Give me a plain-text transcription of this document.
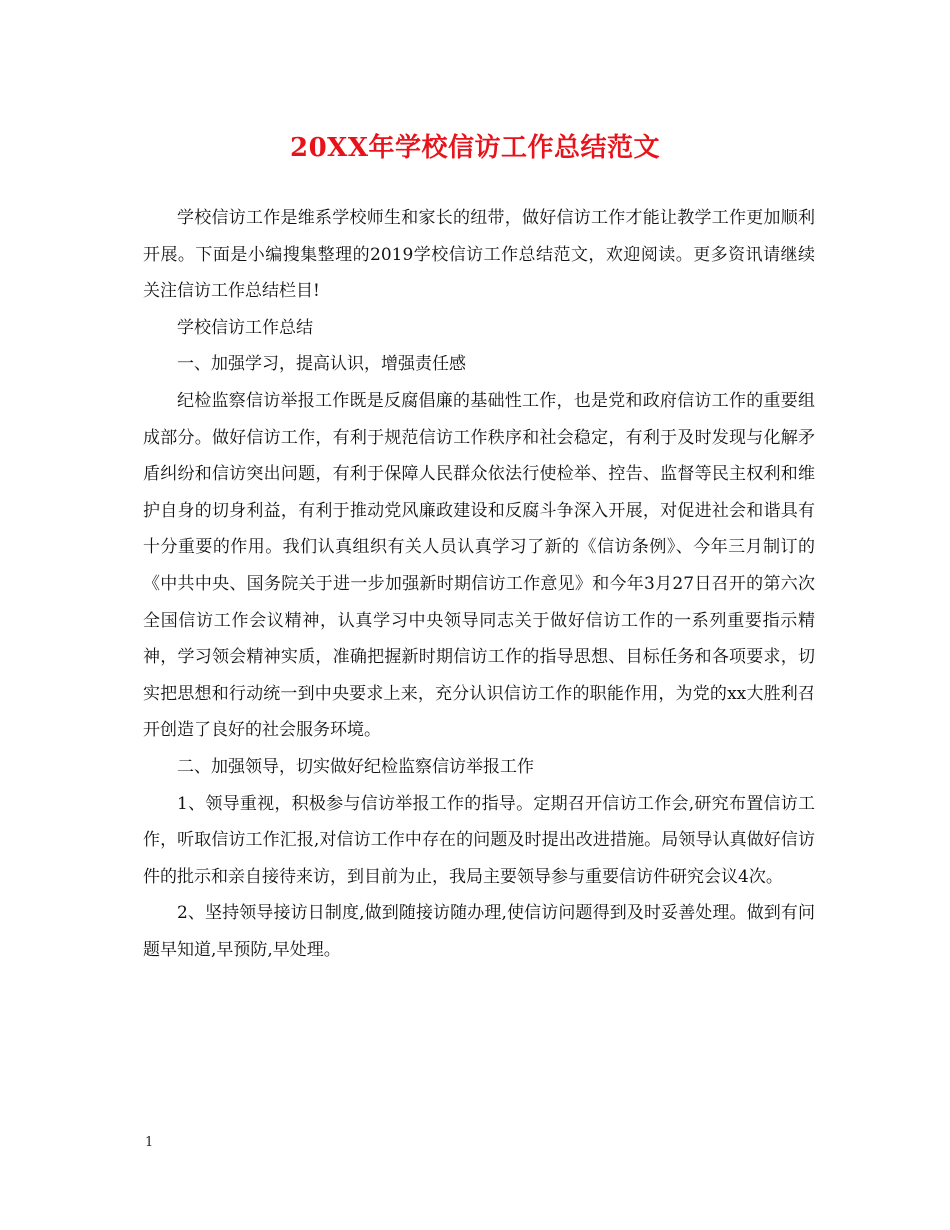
20XX年学校信访工作总结范文

学校信访工作是维系学校师生和家长的纽带，做好信访工作才能让教学工作更加顺利开展。下面是小编搜集整理的2019学校信访工作总结范文，欢迎阅读。更多资讯请继续关注信访工作总结栏目!

学校信访工作总结

一、加强学习，提高认识，增强责任感

纪检监察信访举报工作既是反腐倡廉的基础性工作，也是党和政府信访工作的重要组成部分。做好信访工作，有利于规范信访工作秩序和社会稳定，有利于及时发现与化解矛盾纠纷和信访突出问题，有利于保障人民群众依法行使检举、控告、监督等民主权利和维护自身的切身利益，有利于推动党风廉政建设和反腐斗争深入开展，对促进社会和谐具有十分重要的作用。我们认真组织有关人员认真学习了新的《信访条例》、今年三月制订的《中共中央、国务院关于进一步加强新时期信访工作意见》和今年3月27日召开的第六次全国信访工作会议精神，认真学习中央领导同志关于做好信访工作的一系列重要指示精神，学习领会精神实质，准确把握新时期信访工作的指导思想、目标任务和各项要求，切实把思想和行动统一到中央要求上来，充分认识信访工作的职能作用，为党的xx大胜利召开创造了良好的社会服务环境。

二、加强领导，切实做好纪检监察信访举报工作

1、领导重视，积极参与信访举报工作的指导。定期召开信访工作会,研究布置信访工作，听取信访工作汇报,对信访工作中存在的问题及时提出改进措施。局领导认真做好信访件的批示和亲自接待来访，到目前为止，我局主要领导参与重要信访件研究会议4次。

2、坚持领导接访日制度,做到随接访随办理,使信访问题得到及时妥善处理。做到有问题早知道,早预防,早处理。

1
